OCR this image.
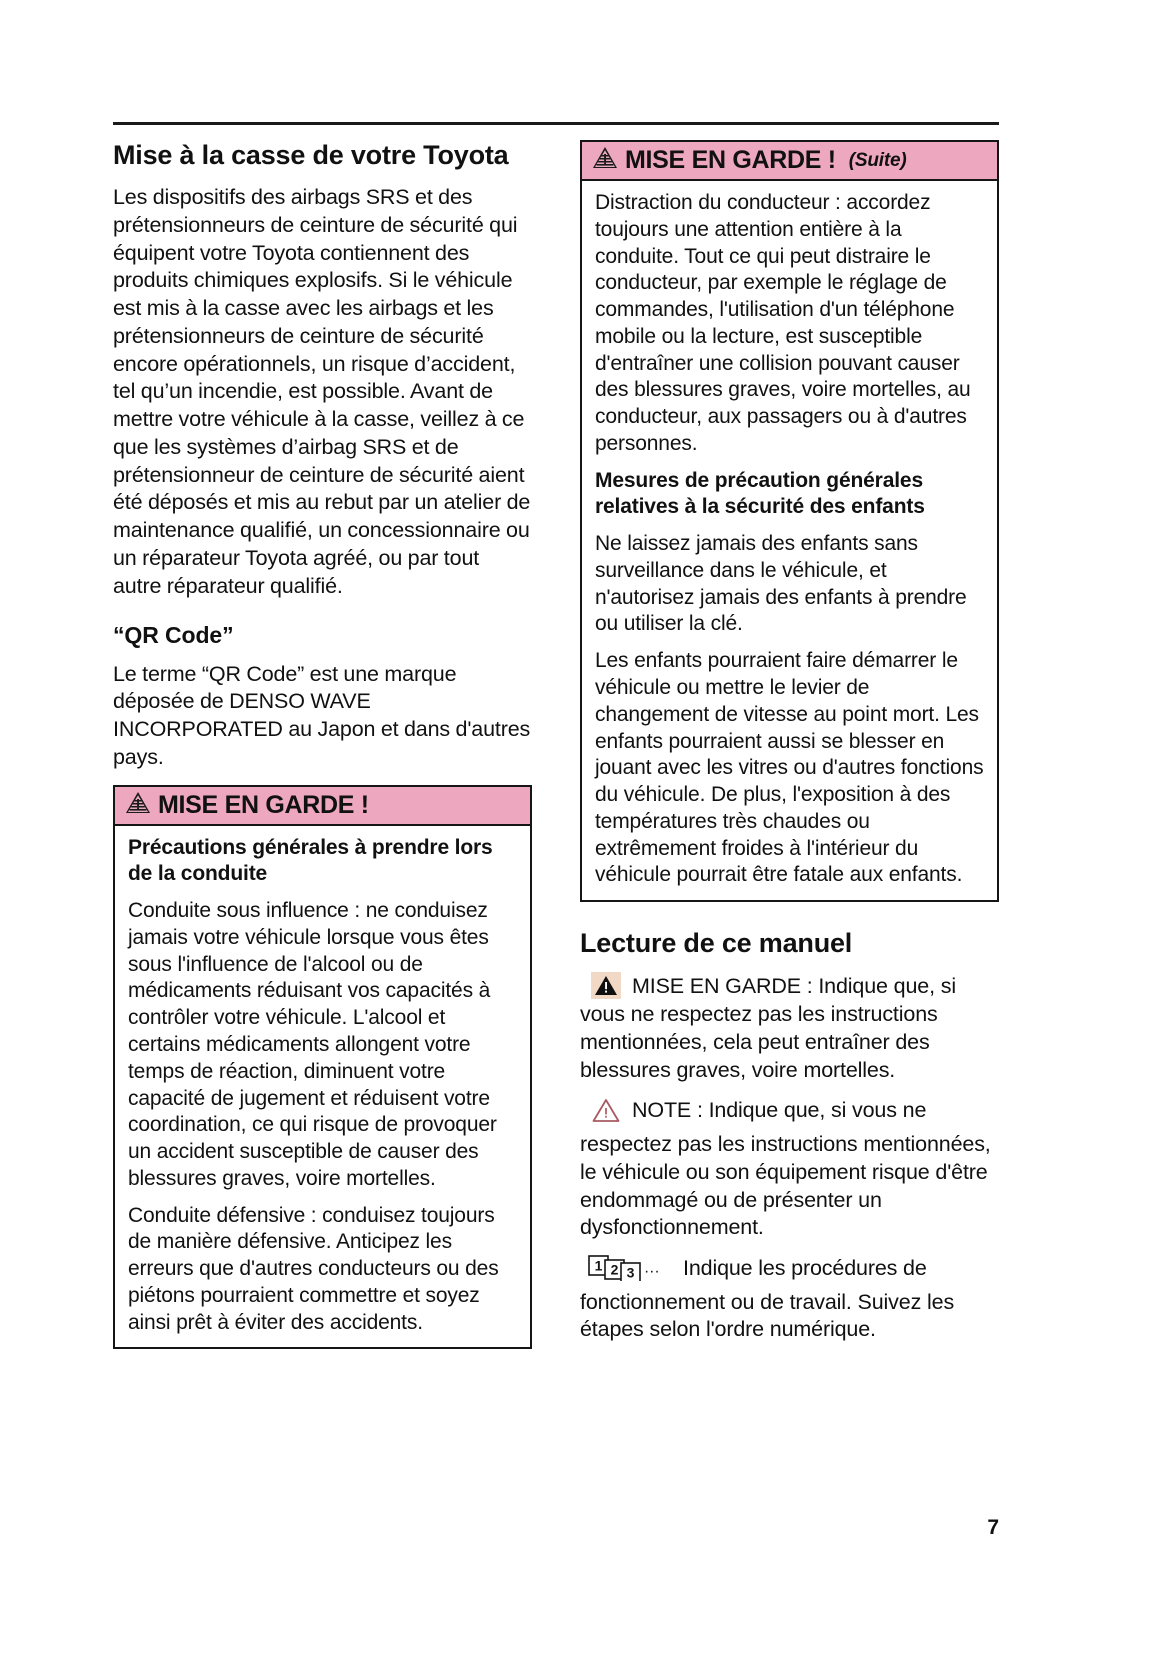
Mise à la casse de votre Toyota

Les dispositifs des airbags SRS et des prétensionneurs de ceinture de sécurité qui équipent votre Toyota contiennent des produits chimiques explosifs. Si le véhicule est mis à la casse avec les airbags et les prétensionneurs de ceinture de sécurité encore opérationnels, un risque d’accident, tel qu’un incendie, est possible. Avant de mettre votre véhicule à la casse, veillez à ce que les systèmes d’airbag SRS et de prétensionneur de ceinture de sécurité aient été déposés et mis au rebut par un atelier de maintenance qualifié, un concessionnaire ou un réparateur Toyota agréé, ou par tout autre réparateur qualifié.

“QR Code”

Le terme “QR Code” est une marque déposée de DENSO WAVE INCORPORATED au Japon et dans d'autres pays.

MISE EN GARDE !

Précautions générales à prendre lors de la conduite

Conduite sous influence : ne conduisez jamais votre véhicule lorsque vous êtes sous l'influence de l'alcool ou de médicaments réduisant vos capacités à contrôler votre véhicule. L'alcool et certains médicaments allongent votre temps de réaction, diminuent votre capacité de jugement et réduisent votre coordination, ce qui risque de provoquer un accident susceptible de causer des blessures graves, voire mortelles.

Conduite défensive : conduisez toujours de manière défensive. Anticipez les erreurs que d'autres conducteurs ou des piétons pourraient commettre et soyez ainsi prêt à éviter des accidents.

MISE EN GARDE ! (Suite)

Distraction du conducteur : accordez toujours une attention entière à la conduite. Tout ce qui peut distraire le conducteur, par exemple le réglage de commandes, l'utilisation d'un téléphone mobile ou la lecture, est susceptible d'entraîner une collision pouvant causer des blessures graves, voire mortelles, au conducteur, aux passagers ou à d'autres personnes.

Mesures de précaution générales relatives à la sécurité des enfants

Ne laissez jamais des enfants sans surveillance dans le véhicule, et n'autorisez jamais des enfants à prendre ou utiliser la clé.

Les enfants pourraient faire démarrer le véhicule ou mettre le levier de changement de vitesse au point mort. Les enfants pourraient aussi se blesser en jouant avec les vitres ou d'autres fonctions du véhicule. De plus, l'exposition à des températures très chaudes ou extrêmement froides à l'intérieur du véhicule pourrait être fatale aux enfants.

Lecture de ce manuel

MISE EN GARDE : Indique que, si vous ne respectez pas les instructions mentionnées, cela peut entraîner des blessures graves, voire mortelles.

NOTE : Indique que, si vous ne respectez pas les instructions mentionnées, le véhicule ou son équipement risque d'être endommagé ou de présenter un dysfonctionnement.

1 2 3 ··· Indique les procédures de fonctionnement ou de travail. Suivez les étapes selon l'ordre numérique.

7
